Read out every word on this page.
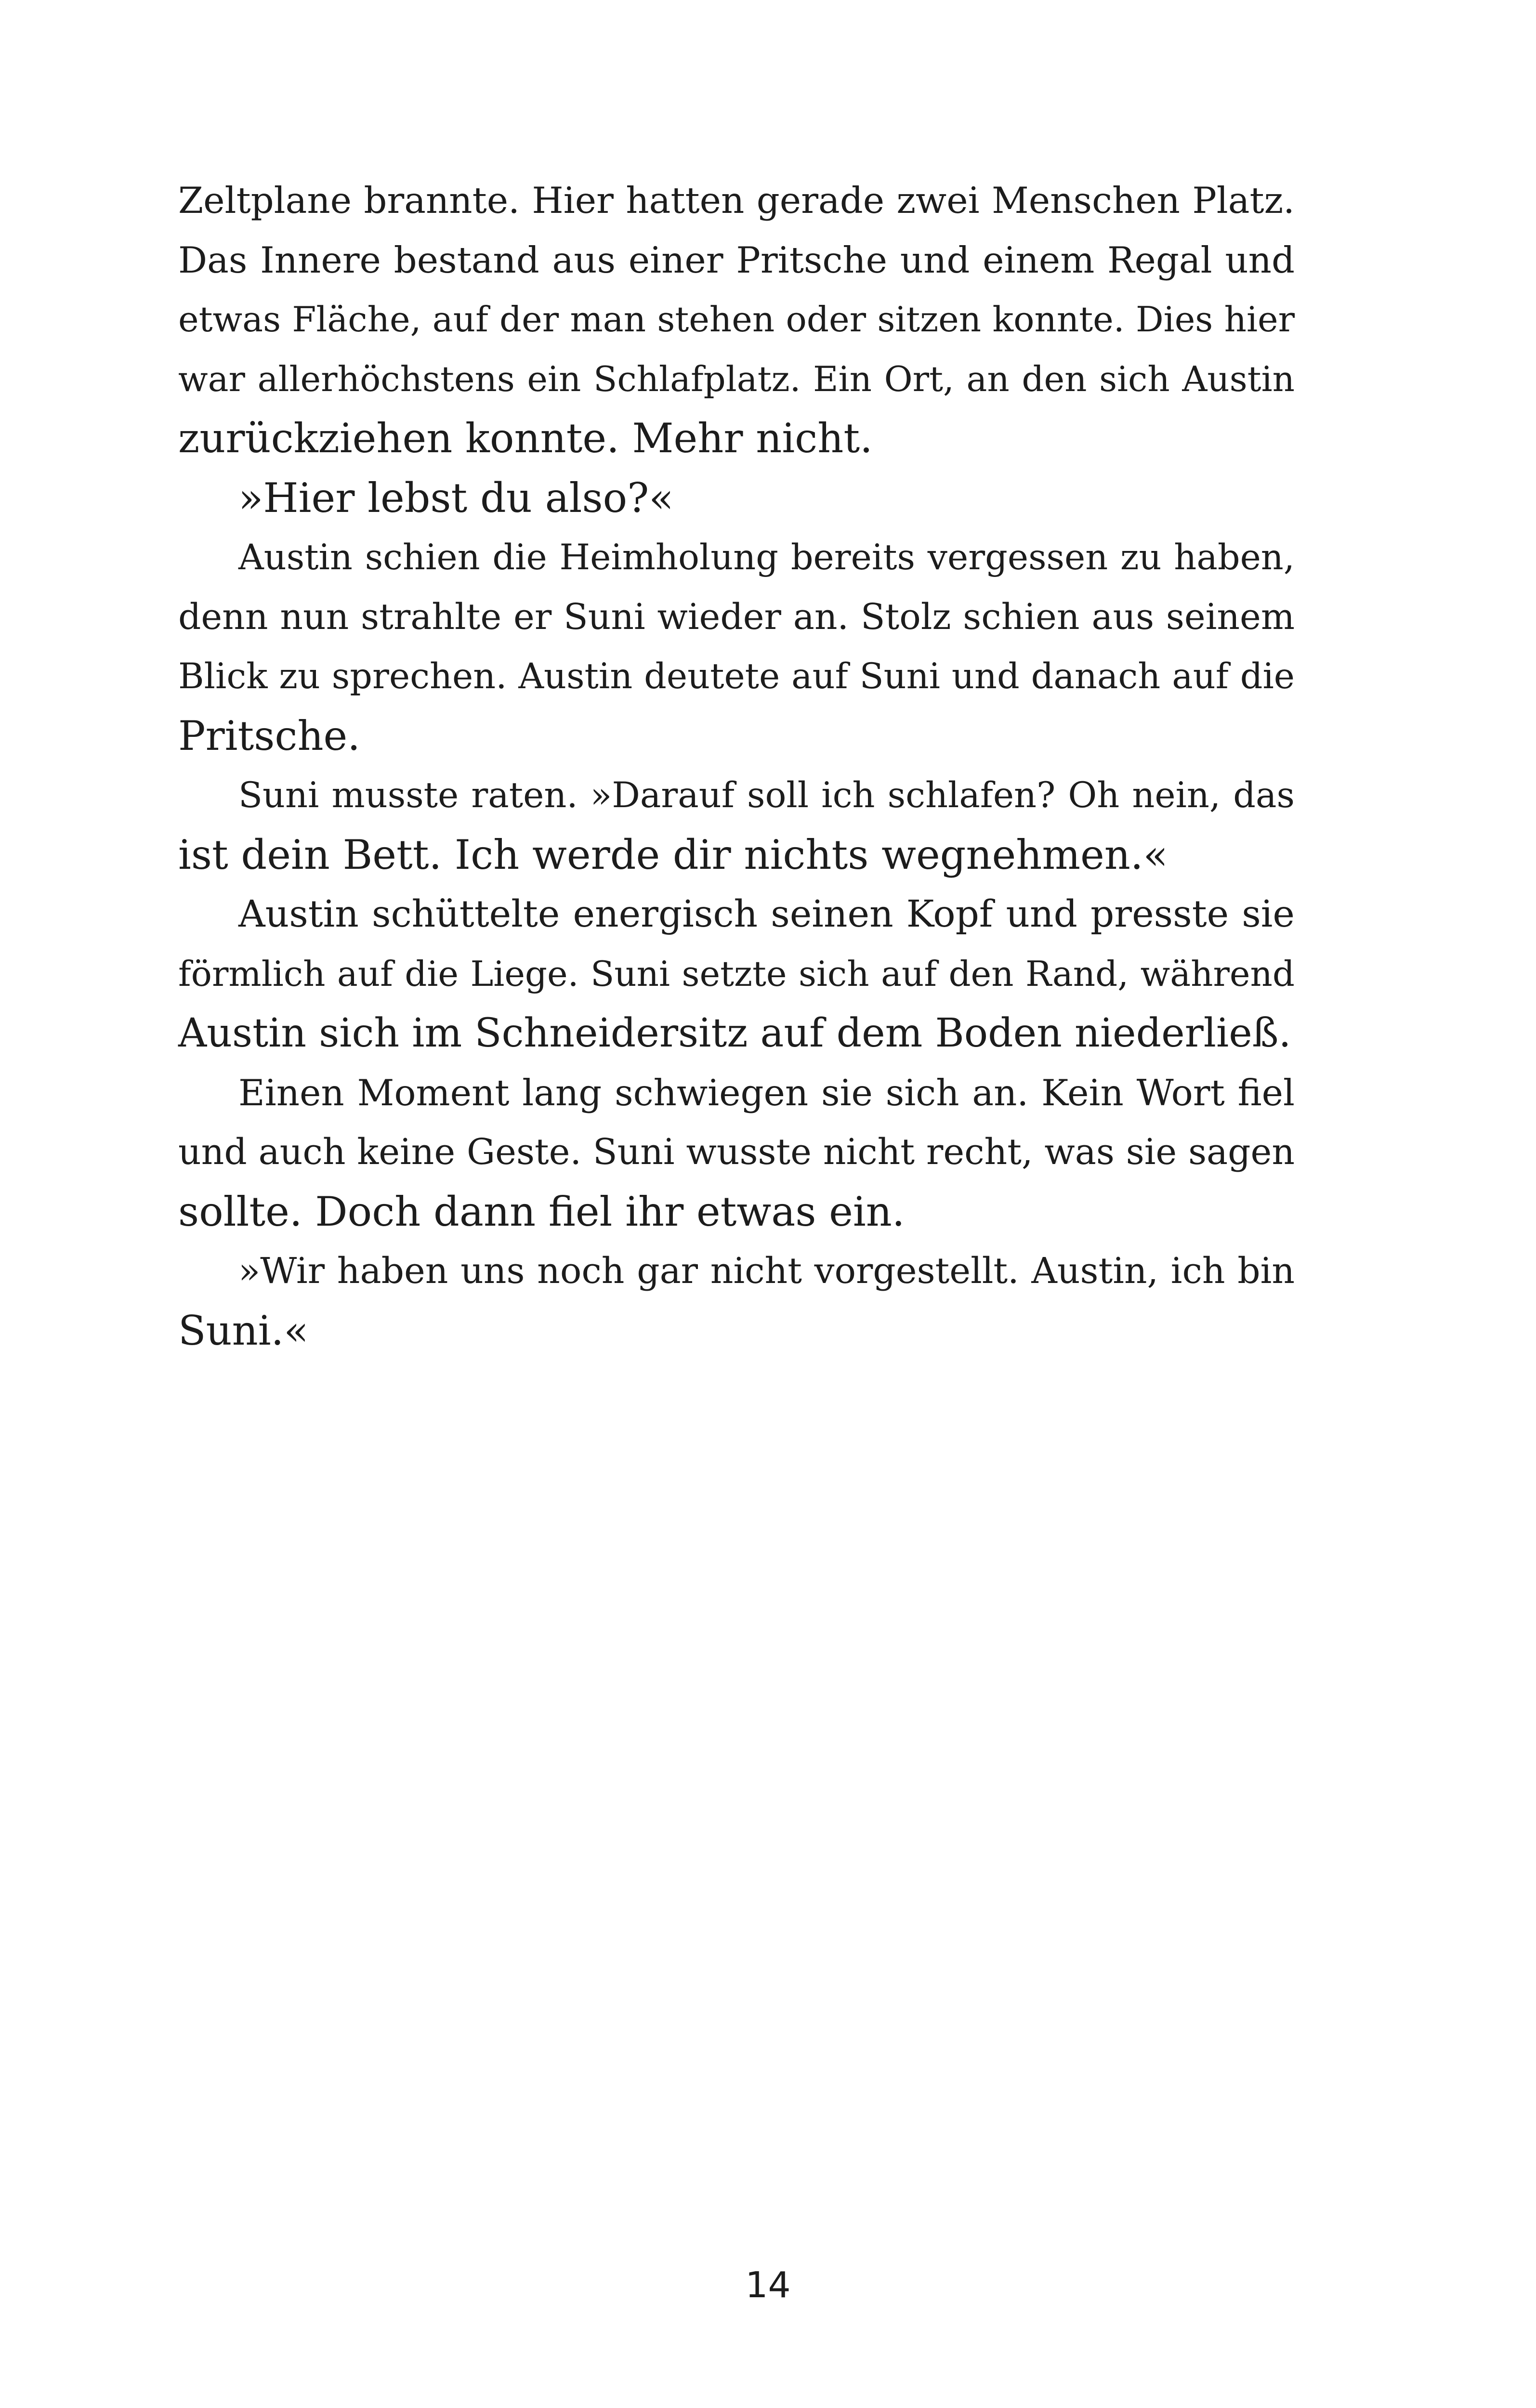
Zeltplane brannte. Hier hatten gerade zwei Menschen Platz.
Das Innere bestand aus einer Pritsche und einem Regal und
etwas Fläche, auf der man stehen oder sitzen konnte. Dies hier
war allerhöchstens ein Schlafplatz. Ein Ort, an den sich Austin
zurückziehen konnte. Mehr nicht.
»Hier lebst du also?«
Austin schien die Heimholung bereits vergessen zu haben,
denn nun strahlte er Suni wieder an. Stolz schien aus seinem
Blick zu sprechen. Austin deutete auf Suni und danach auf die
Pritsche.
Suni musste raten. »Darauf soll ich schlafen? Oh nein, das
ist dein Bett. Ich werde dir nichts wegnehmen.«
Austin schüttelte energisch seinen Kopf und presste sie
förmlich auf die Liege. Suni setzte sich auf den Rand, während
Austin sich im Schneidersitz auf dem Boden niederließ.
Einen Moment lang schwiegen sie sich an. Kein Wort fiel
und auch keine Geste. Suni wusste nicht recht, was sie sagen
sollte. Doch dann fiel ihr etwas ein.
»Wir haben uns noch gar nicht vorgestellt. Austin, ich bin
Suni.«
14
